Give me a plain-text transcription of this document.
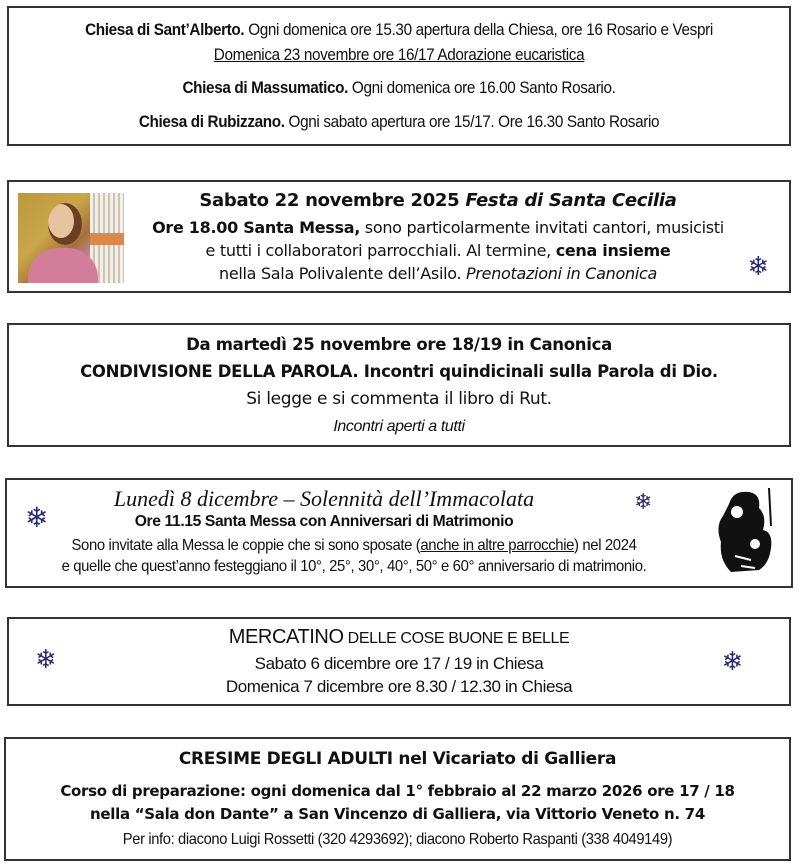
Chiesa di Sant’Alberto. Ogni domenica ore 15.30 apertura della Chiesa, ore 16 Rosario e Vespri
Domenica 23 novembre ore 16/17 Adorazione eucaristica
Chiesa di Massumatico. Ogni domenica ore 16.00 Santo Rosario.
Chiesa di Rubizzano. Ogni sabato apertura ore 15/17. Ore 16.30 Santo Rosario
Sabato 22 novembre 2025 Festa di Santa Cecilia
Ore 18.00 Santa Messa, sono particolarmente invitati cantori, musicisti
e tutti i collaboratori parrocchiali. Al termine, cena insieme
nella Sala Polivalente dell’Asilo. Prenotazioni in Canonica	❄
Da martedì 25 novembre ore 18/19 in Canonica
CONDIVISIONE DELLA PAROLA. Incontri quindicinali sulla Parola di Dio.
Si legge e si commenta il libro di Rut.
Incontri aperti a tutti
❄	❄
Lunedì 8 dicembre – Solennità dell’Immacolata
Ore 11.15 Santa Messa con Anniversari di Matrimonio
Sono invitate alla Messa le coppie che si sono sposate (anche in altre parrocchie) nel 2024
e quelle che quest’anno festeggiano il 10°, 25°, 30°, 40°, 50° e 60° anniversario di matrimonio.
❄	❄
MERCATINO DELLE COSE BUONE E BELLE
Sabato 6 dicembre ore 17 / 19 in Chiesa
Domenica 7 dicembre ore 8.30 / 12.30 in Chiesa
CRESIME DEGLI ADULTI nel Vicariato di Galliera
Corso di preparazione: ogni domenica dal 1° febbraio al 22 marzo 2026 ore 17 / 18
nella “Sala don Dante” a San Vincenzo di Galliera, via Vittorio Veneto n. 74
Per info: diacono Luigi Rossetti (320 4293692); diacono Roberto Raspanti (338 4049149)
